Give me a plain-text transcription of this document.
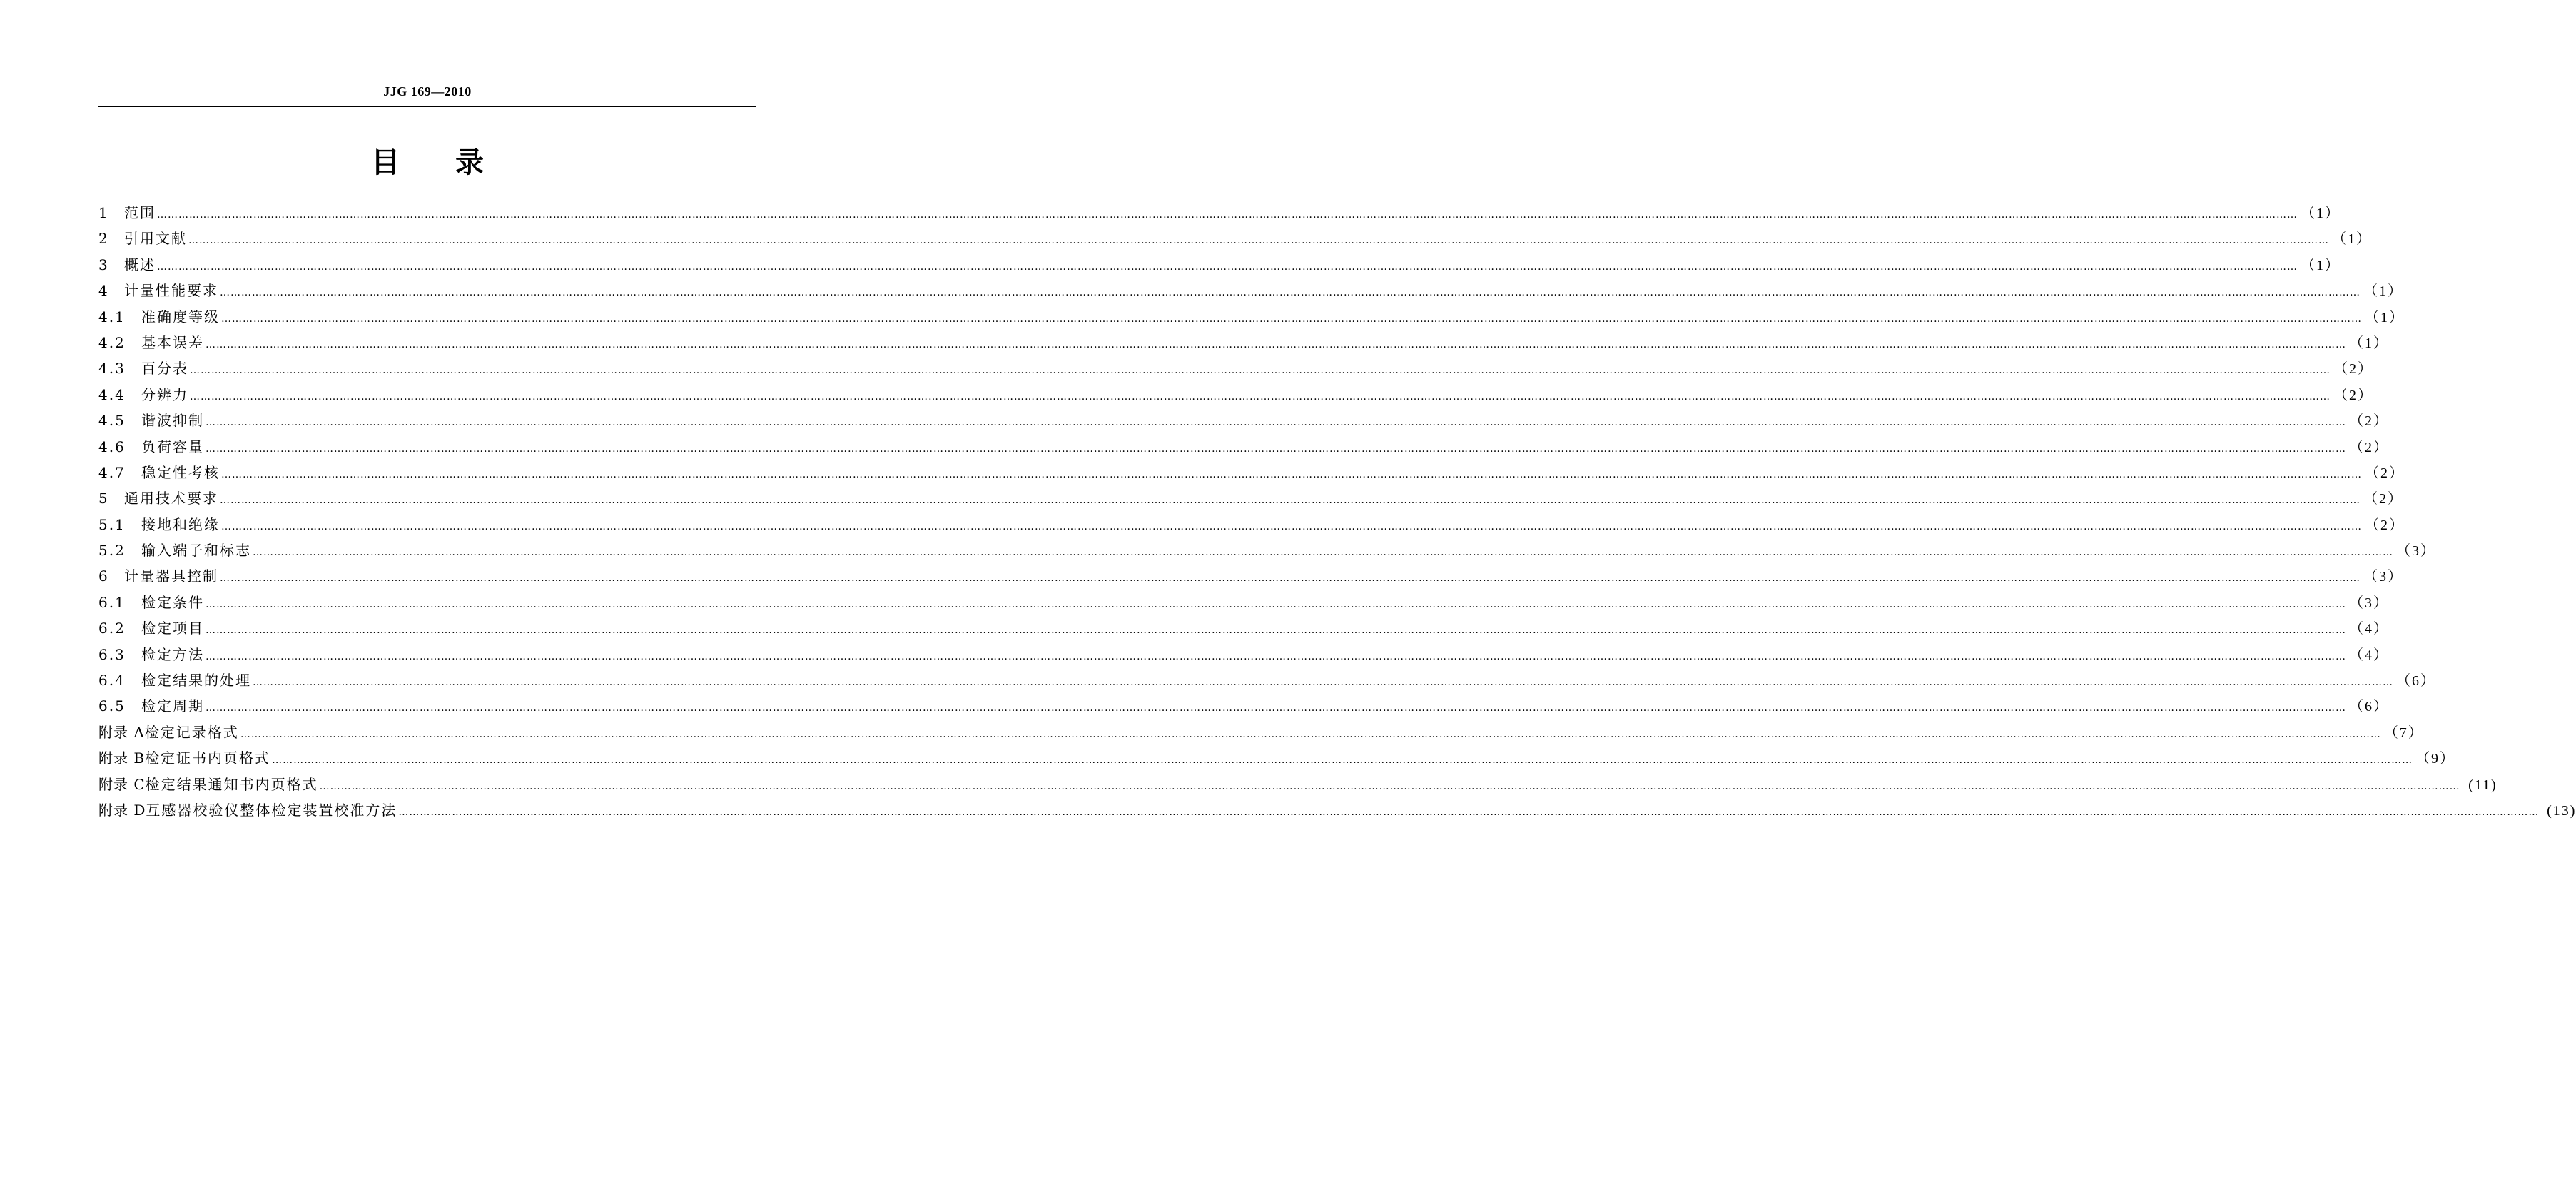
JJG 169—2010
目录
1	范围 …………………………………………………………………………………………………………………………………………………………………………………………………………………………………………………………………………………………………………………………………………………………………………………………………………………………………………………………………………………………………………………………………………………… （1）
2	引用文献 …………………………………………………………………………………………………………………………………………………………………………………………………………………………………………………………………………………………………………………………………………………………………………………………………………………………………………………………………………………………………………………………………………………… （1）
3	概述 …………………………………………………………………………………………………………………………………………………………………………………………………………………………………………………………………………………………………………………………………………………………………………………………………………………………………………………………………………………………………………………………………………………… （1）
4	计量性能要求 …………………………………………………………………………………………………………………………………………………………………………………………………………………………………………………………………………………………………………………………………………………………………………………………………………………………………………………………………………………………………………………………………………………… （1）
4.1	准确度等级 …………………………………………………………………………………………………………………………………………………………………………………………………………………………………………………………………………………………………………………………………………………………………………………………………………………………………………………………………………………………………………………………………………………… （1）
4.2	基本误差 …………………………………………………………………………………………………………………………………………………………………………………………………………………………………………………………………………………………………………………………………………………………………………………………………………………………………………………………………………………………………………………………………………………… （1）
4.3	百分表 …………………………………………………………………………………………………………………………………………………………………………………………………………………………………………………………………………………………………………………………………………………………………………………………………………………………………………………………………………………………………………………………………………………… （2）
4.4	分辨力 …………………………………………………………………………………………………………………………………………………………………………………………………………………………………………………………………………………………………………………………………………………………………………………………………………………………………………………………………………………………………………………………………………………… （2）
4.5	谐波抑制 …………………………………………………………………………………………………………………………………………………………………………………………………………………………………………………………………………………………………………………………………………………………………………………………………………………………………………………………………………………………………………………………………………………… （2）
4.6	负荷容量 …………………………………………………………………………………………………………………………………………………………………………………………………………………………………………………………………………………………………………………………………………………………………………………………………………………………………………………………………………………………………………………………………………………… （2）
4.7	稳定性考核 …………………………………………………………………………………………………………………………………………………………………………………………………………………………………………………………………………………………………………………………………………………………………………………………………………………………………………………………………………………………………………………………………………………… （2）
5	通用技术要求 …………………………………………………………………………………………………………………………………………………………………………………………………………………………………………………………………………………………………………………………………………………………………………………………………………………………………………………………………………………………………………………………………………………… （2）
5.1	接地和绝缘 …………………………………………………………………………………………………………………………………………………………………………………………………………………………………………………………………………………………………………………………………………………………………………………………………………………………………………………………………………………………………………………………………………………… （2）
5.2	输入端子和标志 …………………………………………………………………………………………………………………………………………………………………………………………………………………………………………………………………………………………………………………………………………………………………………………………………………………………………………………………………………………………………………………………………………………… （3）
6	计量器具控制 …………………………………………………………………………………………………………………………………………………………………………………………………………………………………………………………………………………………………………………………………………………………………………………………………………………………………………………………………………………………………………………………………………………… （3）
6.1	检定条件 …………………………………………………………………………………………………………………………………………………………………………………………………………………………………………………………………………………………………………………………………………………………………………………………………………………………………………………………………………………………………………………………………………………… （3）
6.2	检定项目 …………………………………………………………………………………………………………………………………………………………………………………………………………………………………………………………………………………………………………………………………………………………………………………………………………………………………………………………………………………………………………………………………………………… （4）
6.3	检定方法 …………………………………………………………………………………………………………………………………………………………………………………………………………………………………………………………………………………………………………………………………………………………………………………………………………………………………………………………………………………………………………………………………………………… （4）
6.4	检定结果的处理 …………………………………………………………………………………………………………………………………………………………………………………………………………………………………………………………………………………………………………………………………………………………………………………………………………………………………………………………………………………………………………………………………………………… （6）
6.5	检定周期 …………………………………………………………………………………………………………………………………………………………………………………………………………………………………………………………………………………………………………………………………………………………………………………………………………………………………………………………………………………………………………………………………………………… （6）
附录 A 检定记录格式 …………………………………………………………………………………………………………………………………………………………………………………………………………………………………………………………………………………………………………………………………………………………………………………………………………………………………………………………………………………………………………………………………………………… （7）
附录 B 检定证书内页格式 …………………………………………………………………………………………………………………………………………………………………………………………………………………………………………………………………………………………………………………………………………………………………………………………………………………………………………………………………………………………………………………………………………………… （9）
附录 C 检定结果通知书内页格式 …………………………………………………………………………………………………………………………………………………………………………………………………………………………………………………………………………………………………………………………………………………………………………………………………………………………………………………………………………………………………………………………………………………… (11)
附录 D 互感器校验仪整体检定装置校准方法 …………………………………………………………………………………………………………………………………………………………………………………………………………………………………………………………………………………………………………………………………………………………………………………………………………………………………………………………………………………………………………………………………………………… (13)
